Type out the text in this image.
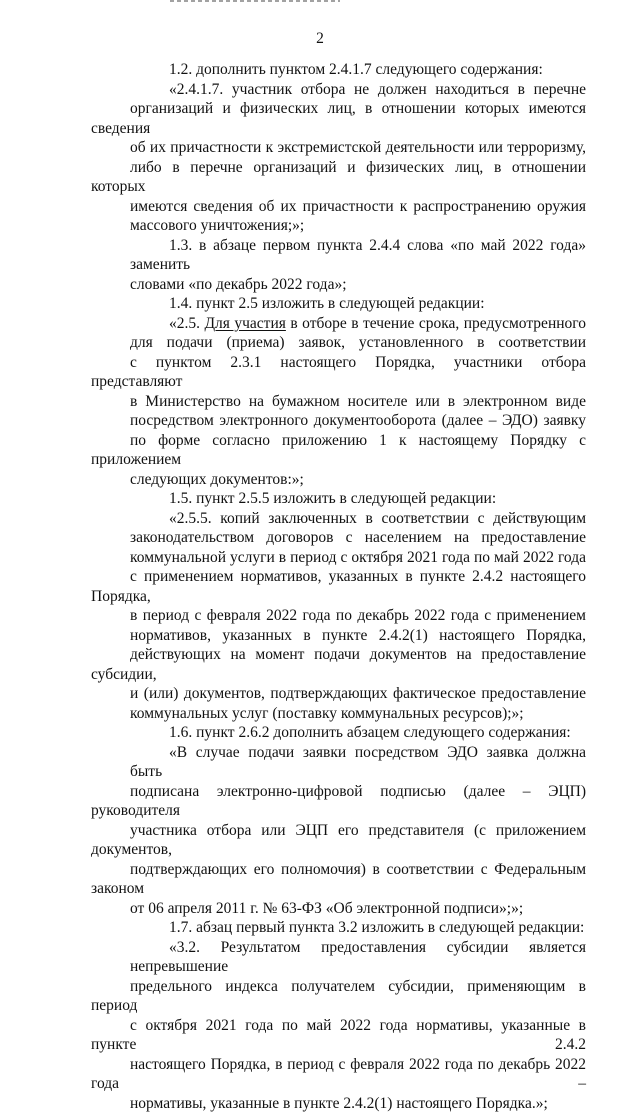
2
1.2. дополнить пунктом 2.4.1.7 следующего содержания:
«2.4.1.7. участник отбора не должен находиться в перечне
организаций и физических лиц, в отношении которых имеются сведения
об их причастности к экстремистской деятельности или терроризму,
либо в перечне организаций и физических лиц, в отношении которых
имеются сведения об их причастности к распространению оружия
массового уничтожения;»;
1.3. в абзаце первом пункта 2.4.4 слова «по май 2022 года» заменить
словами «по декабрь 2022 года»;
1.4. пункт 2.5 изложить в следующей редакции:
«2.5. Для участия в отборе в течение срока, предусмотренного
для подачи (приема) заявок, установленного в соответствии
с пунктом 2.3.1 настоящего Порядка, участники отбора представляют
в Министерство на бумажном носителе или в электронном виде
посредством электронного документооборота (далее – ЭДО) заявку
по форме согласно приложению 1 к настоящему Порядку с приложением
следующих документов:»;
1.5. пункт 2.5.5 изложить в следующей редакции:
«2.5.5. копий заключенных в соответствии с действующим
законодательством договоров с населением на предоставление
коммунальной услуги в период с октября 2021 года по май 2022 года
с применением нормативов, указанных в пункте 2.4.2 настоящего Порядка,
в период с февраля 2022 года по декабрь 2022 года с применением
нормативов, указанных в пункте 2.4.2(1) настоящего Порядка,
действующих на момент подачи документов на предоставление субсидии,
и (или) документов, подтверждающих фактическое предоставление
коммунальных услуг (поставку коммунальных ресурсов);»;
1.6. пункт 2.6.2 дополнить абзацем следующего содержания:
«В случае подачи заявки посредством ЭДО заявка должна быть
подписана электронно-цифровой подписью (далее – ЭЦП) руководителя
участника отбора или ЭЦП его представителя (с приложением документов,
подтверждающих его полномочия) в соответствии с Федеральным законом
от 06 апреля 2011 г. № 63-ФЗ «Об электронной подписи»;»;
1.7. абзац первый пункта 3.2 изложить в следующей редакции:
«3.2. Результатом предоставления субсидии является непревышение
предельного индекса получателем субсидии, применяющим в период
с октября 2021 года по май 2022 года нормативы, указанные в пункте 2.4.2
настоящего Порядка, в период с февраля 2022 года по декабрь 2022 года –
нормативы, указанные в пункте 2.4.2(1) настоящего Порядка.»;
